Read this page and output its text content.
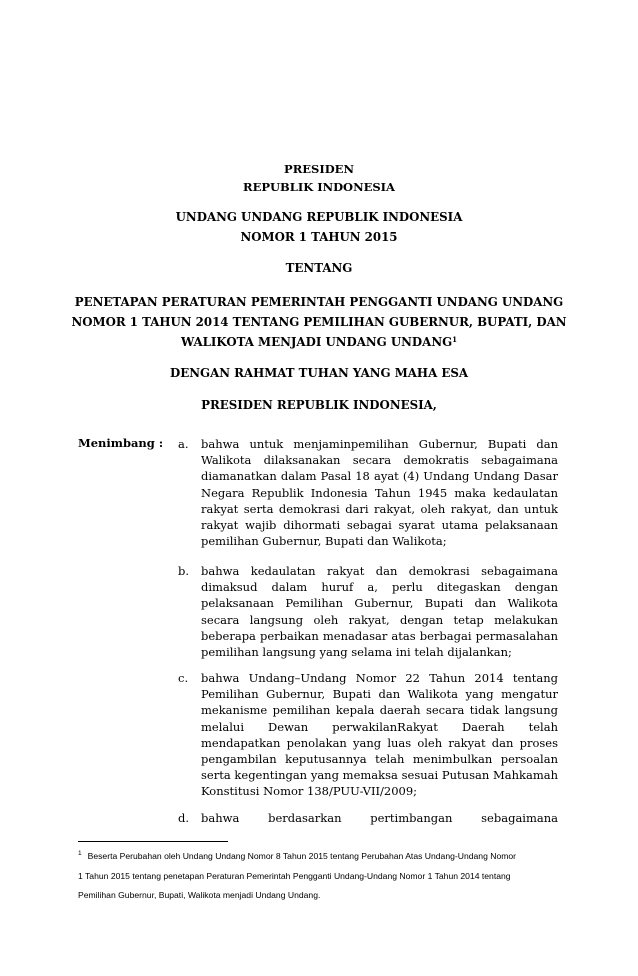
PRESIDEN
REPUBLIK INDONESIA
UNDANG UNDANG REPUBLIK INDONESIA
NOMOR 1 TAHUN 2015
TENTANG
PENETAPAN PERATURAN PEMERINTAH PENGGANTI UNDANG UNDANG
NOMOR 1 TAHUN 2014 TENTANG PEMILIHAN GUBERNUR, BUPATI, DAN
WALIKOTA MENJADI UNDANG UNDANG$^1$
DENGAN RAHMAT TUHAN YANG MAHA ESA
PRESIDEN REPUBLIK INDONESIA,
Menimbang : a.	bahwa untuk menjaminpemilihan Gubernur, Bupati dan Walikota dilaksanakan secara demokratis sebagaimana diamanatkan dalam Pasal 18 ayat (4) Undang Undang Dasar Negara Republik Indonesia Tahun 1945 maka kedaulatan rakyat serta demokrasi dari rakyat, oleh rakyat, dan untuk rakyat wajib dihormati sebagai syarat utama pelaksanaan pemilihan Gubernur, Bupati dan Walikota;
b.	bahwa kedaulatan rakyat dan demokrasi sebagaimana dimaksud dalam huruf a, perlu ditegaskan dengan pelaksanaan Pemilihan Gubernur, Bupati dan Walikota secara langsung oleh rakyat, dengan tetap melakukan beberapa perbaikan menadasar atas berbagai permasalahan pemilihan langsung yang selama ini telah dijalankan;
c.	bahwa Undang–Undang Nomor 22 Tahun 2014 tentang Pemilihan Gubernur, Bupati dan Walikota yang mengatur mekanisme pemilihan kepala daerah secara tidak langsung melalui Dewan perwakilanRakyat Daerah telah mendapatkan penolakan yang luas oleh rakyat dan proses pengambilan keputusannya telah menimbulkan persoalan serta kegentingan yang memaksa sesuai Putusan Mahkamah Konstitusi Nomor 138/PUU-VII/2009;
d.	bahwa berdasarkan pertimbangan sebagaimana
$^1$ Beserta Perubahan oleh Undang Undang Nomor 8 Tahun 2015 tentang Perubahan Atas Undang-Undang Nomor
1 Tahun 2015 tentang penetapan Peraturan Pemerintah Pengganti Undang-Undang Nomor 1 Tahun 2014 tentang
Pemilihan Gubernur, Bupati, Walikota menjadi Undang Undang.
